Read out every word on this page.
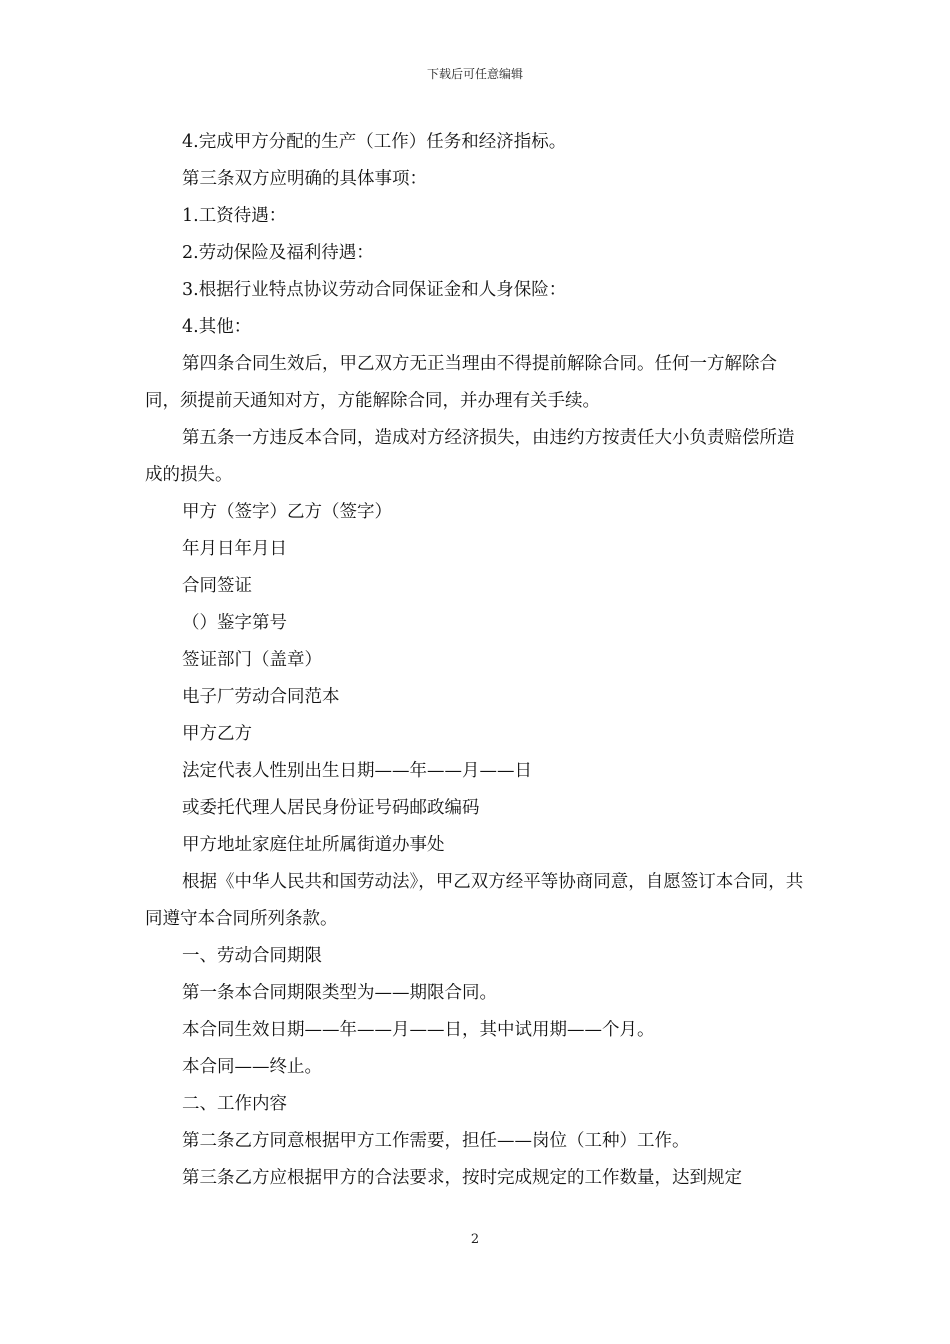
下载后可任意编辑

4.完成甲方分配的生产（工作）任务和经济指标。

第三条双方应明确的具体事项：

1.工资待遇：

2.劳动保险及福利待遇：

3.根据行业特点协议劳动合同保证金和人身保险：

4.其他：

第四条合同生效后，甲乙双方无正当理由不得提前解除合同。任何一方解除合同，须提前天通知对方，方能解除合同，并办理有关手续。

第五条一方违反本合同，造成对方经济损失，由违约方按责任大小负责赔偿所造成的损失。

甲方（签字）乙方（签字）

年月日年月日

合同签证

（）鉴字第号

签证部门（盖章）

电子厂劳动合同范本

甲方乙方

法定代表人性别出生日期——年——月——日

或委托代理人居民身份证号码邮政编码

甲方地址家庭住址所属街道办事处

根据《中华人民共和国劳动法》，甲乙双方经平等协商同意，自愿签订本合同，共同遵守本合同所列条款。

一、劳动合同期限

第一条本合同期限类型为——期限合同。

本合同生效日期——年——月——日，其中试用期——个月。

本合同——终止。

二、工作内容

第二条乙方同意根据甲方工作需要，担任——岗位（工种）工作。

第三条乙方应根据甲方的合法要求，按时完成规定的工作数量，达到规定

2
